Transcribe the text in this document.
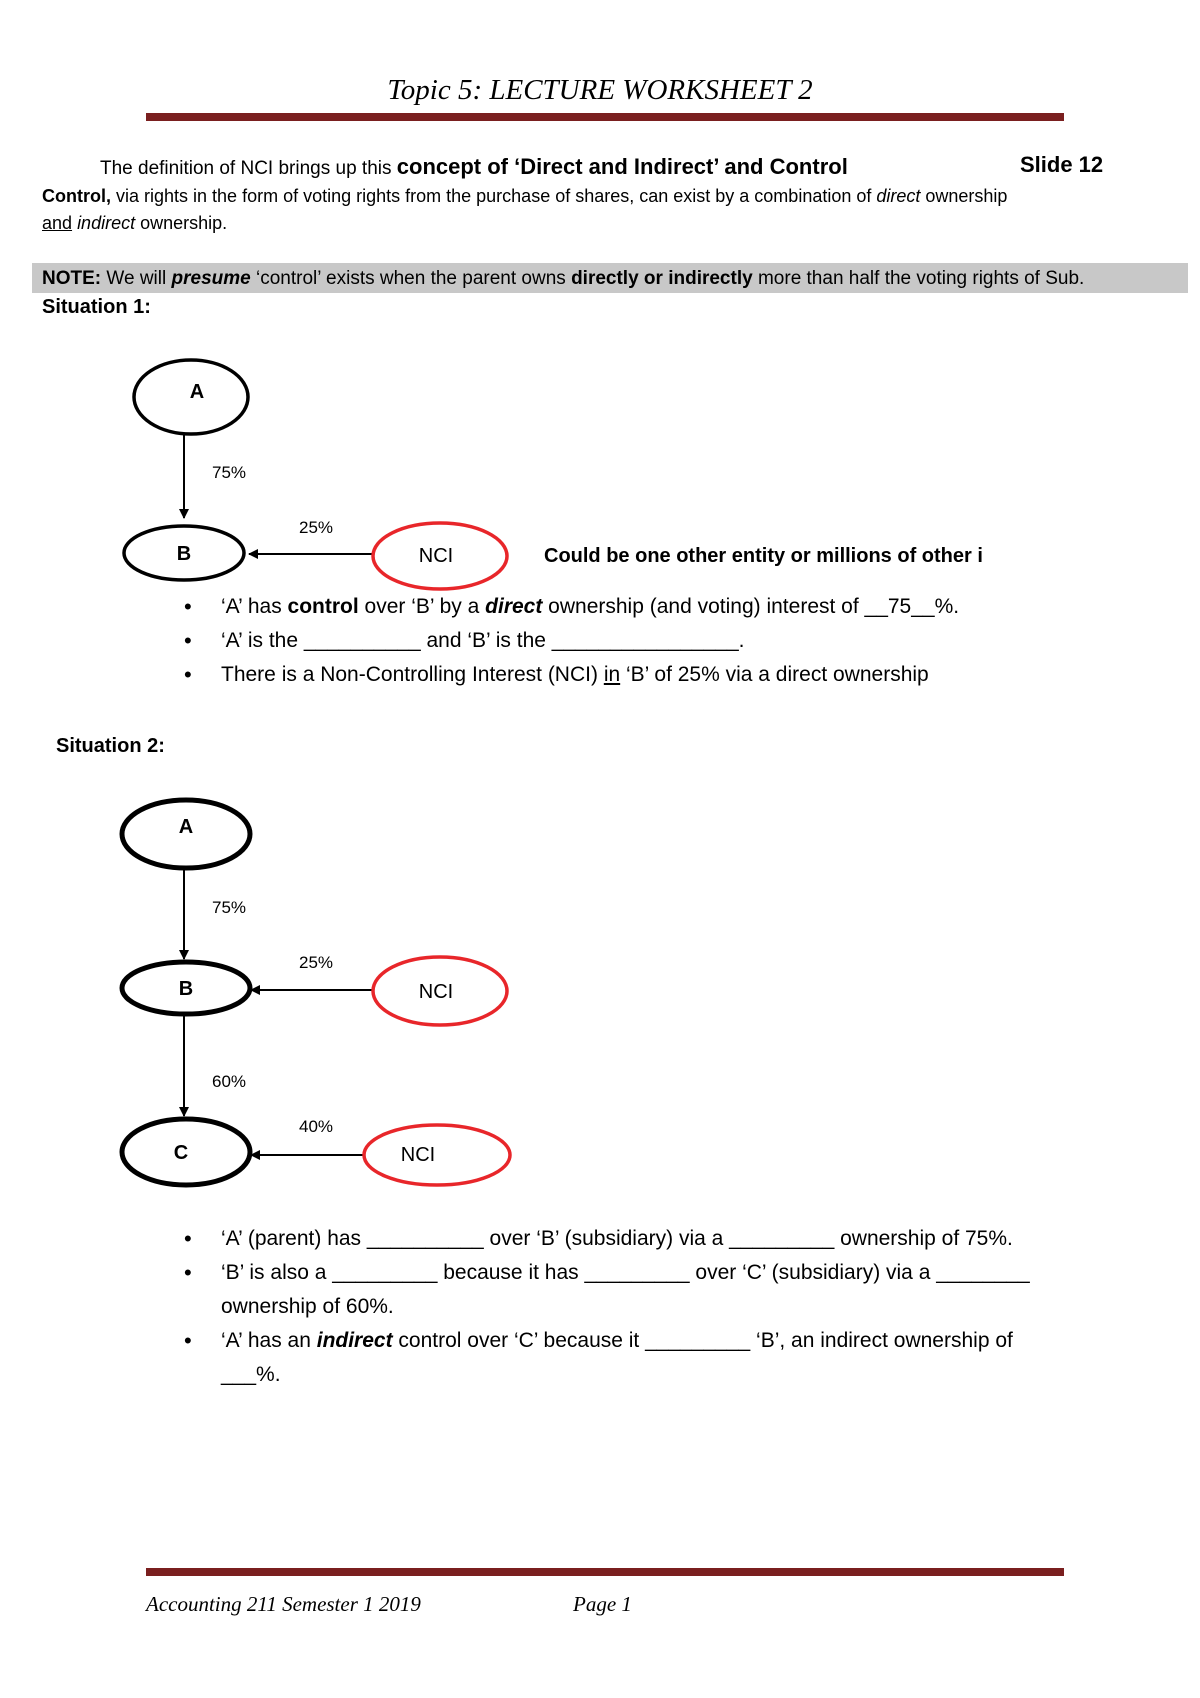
Topic 5: LECTURE WORKSHEET 2
The definition of NCI brings up this concept of ‘Direct and Indirect’ and Control	Slide 12
Control, via rights in the form of voting rights from the purchase of shares, can exist by a combination of direct ownership
and indirect ownership.
NOTE: We will presume ‘control’ exists when the parent owns directly or indirectly more than half the voting rights of Sub.
Situation 1:
A
75%
B
25%
NCI	Could be one other entity or millions of other i
A
75%
B
25%
NCI
60%
C
40%
NCI
• ‘A’ has control over ‘B’ by a direct ownership (and voting) interest of __75__%.
• ‘A’ is the __________ and ‘B’ is the ________________.
• There is a Non-Controlling Interest (NCI) in ‘B’ of 25% via a direct ownership
Situation 2:
• ‘A’ (parent) has __________ over ‘B’ (subsidiary) via a _________ ownership of 75%.
• ‘B’ is also a _________ because it has _________ over ‘C’ (subsidiary) via a ________ ownership of 60%.
• ‘A’ has an indirect control over ‘C’ because it _________ ‘B’, an indirect ownership of ___%.
Accounting 211 Semester 1 2019	Page 1
